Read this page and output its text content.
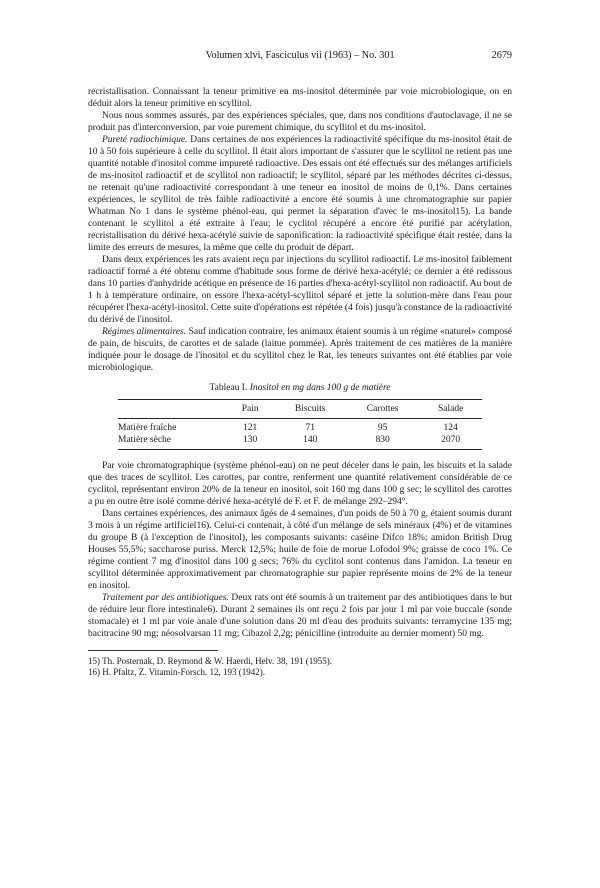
Volumen xlvi, Fasciculus vii (1963) – No. 301	2679

recristallisation. Connaissant la teneur primitive en ms-inositol déterminée par voie microbiologique, on en déduit alors la teneur primitive en scyllitol.

Nous nous sommes assurés, par des expériences spéciales, que, dans nos conditions d'autoclavage, il ne se produit pas d'interconversion, par voie purement chimique, du scyllitol et du ms-inositol.

Pureté radiochimique. Dans certaines de nos expériences la radioactivité spécifique du ms-inositol était de 10 à 50 fois supérieure à celle du scyllitol. Il était alors important de s'assurer que le scyllitol ne retient pas une quantité notable d'inositol comme impureté radioactive. Des essais ont été effectués sur des mélanges artificiels de ms-inositol radioactif et de scyllitol non radioactif; le scyllitol, séparé par les méthodes décrites ci-dessus, ne retenait qu'une radioactivité correspondant à une teneur en inositol de moins de 0,1%. Dans certaines expériences, le scyllitol de très faible radioactivité a encore été soumis à une chromatographie sur papier Whatman No 1 dans le système phénol-eau, qui permet la séparation d'avec le ms-inositol15). La bande contenant le scyllitol a été extraite à l'eau; le cyclitol récupéré a encore été purifié par acétylation, recristallisation du dérivé hexa-acétylé suivie de saponification: la radioactivité spécifique était restée, dans la limite des erreurs de mesures, la même que celle du produit de départ.

Dans deux expériences les rats avaient reçu par injections du scyllitol radioactif. Le ms-inositol faiblement radioactif formé a été obtenu comme d'habitude sous forme de dérivé hexa-acétylé; ce dernier a été redissous dans 10 parties d'anhydride acétique en présence de 16 parties d'hexa-acétyl-scyllitol non radioactif. Au bout de 1 h à température ordinaire, on essore l'hexa-acétyl-scyllitol séparé et jette la solution-mère dans l'eau pour récupérer l'hexa-acétyl-inositol. Cette suite d'opérations est répétée (4 fois) jusqu'à constance de la radioactivité du dérivé de l'inositol.

Régimes alimentaires. Sauf indication contraire, les animaux étaient soumis à un régime «naturel» composé de pain, de biscuits, de carottes et de salade (laitue pommée). Après traitement de ces matières de la manière indiquée pour le dosage de l'inositol et du scyllitol chez le Rat, les teneurs suivantes ont été établies par voie microbiologique.

Tableau I. Inositol en mg dans 100 g de matière
	Pain	Biscuits	Carottes	Salade
Matière fraîche	121	71	95	124
Matière sèche	130	140	830	2070

Par voie chromatographique (système phénol-eau) on ne peut déceler dans le pain, les biscuits et la salade que des traces de scyllitol. Les carottes, par contre, renferment une quantité relativement considérable de ce cyclitol, représentant environ 20% de la teneur en inositol, soit 160 mg dans 100 g sec; le scyllitol des carottes a pu en outre être isolé comme dérivé hexa-acétylé de F. et F. de mélange 292–294°.

Dans certaines expériences, des animaux âgés de 4 semaines, d'un poids de 50 à 70 g, étaient soumis durant 3 mois à un régime artificiel16). Celui-ci contenait, à côté d'un mélange de sels minéraux (4%) et de vitamines du groupe B (à l'exception de l'inositol), les composants suivants: caséine Difco 18%; amidon British Drug Houses 55,5%; saccharose puriss. Merck 12,5%; huile de foie de morue Lofodol 9%; graisse de coco 1%. Ce régime contient 7 mg d'inositol dans 100 g secs; 76% du cyclitol sont contenus dans l'amidon. La teneur en scyllitol déterminée approximativement par chromatographie sur papier représente moins de 2% de la teneur en inositol.

Traitement par des antibiotiques. Deux rats ont été soumis à un traitement par des antibiotiques dans le but de réduire leur flore intestinale6). Durant 2 semaines ils ont reçu 2 fois par jour 1 ml par voie buccale (sonde stomacale) et 1 ml par voie anale d'une solution dans 20 ml d'eau des produits suivants: terramycine 135 mg; bacitracine 90 mg; néosolvarsan 11 mg; Cibazol 2,2g; pénicilline (introduite au dernier moment) 50 mg.

15) Th. Posternak, D. Reymond & W. Haerdi, Helv. 38, 191 (1955).
16) H. Pfaltz, Z. Vitamin-Forsch. 12, 193 (1942).
